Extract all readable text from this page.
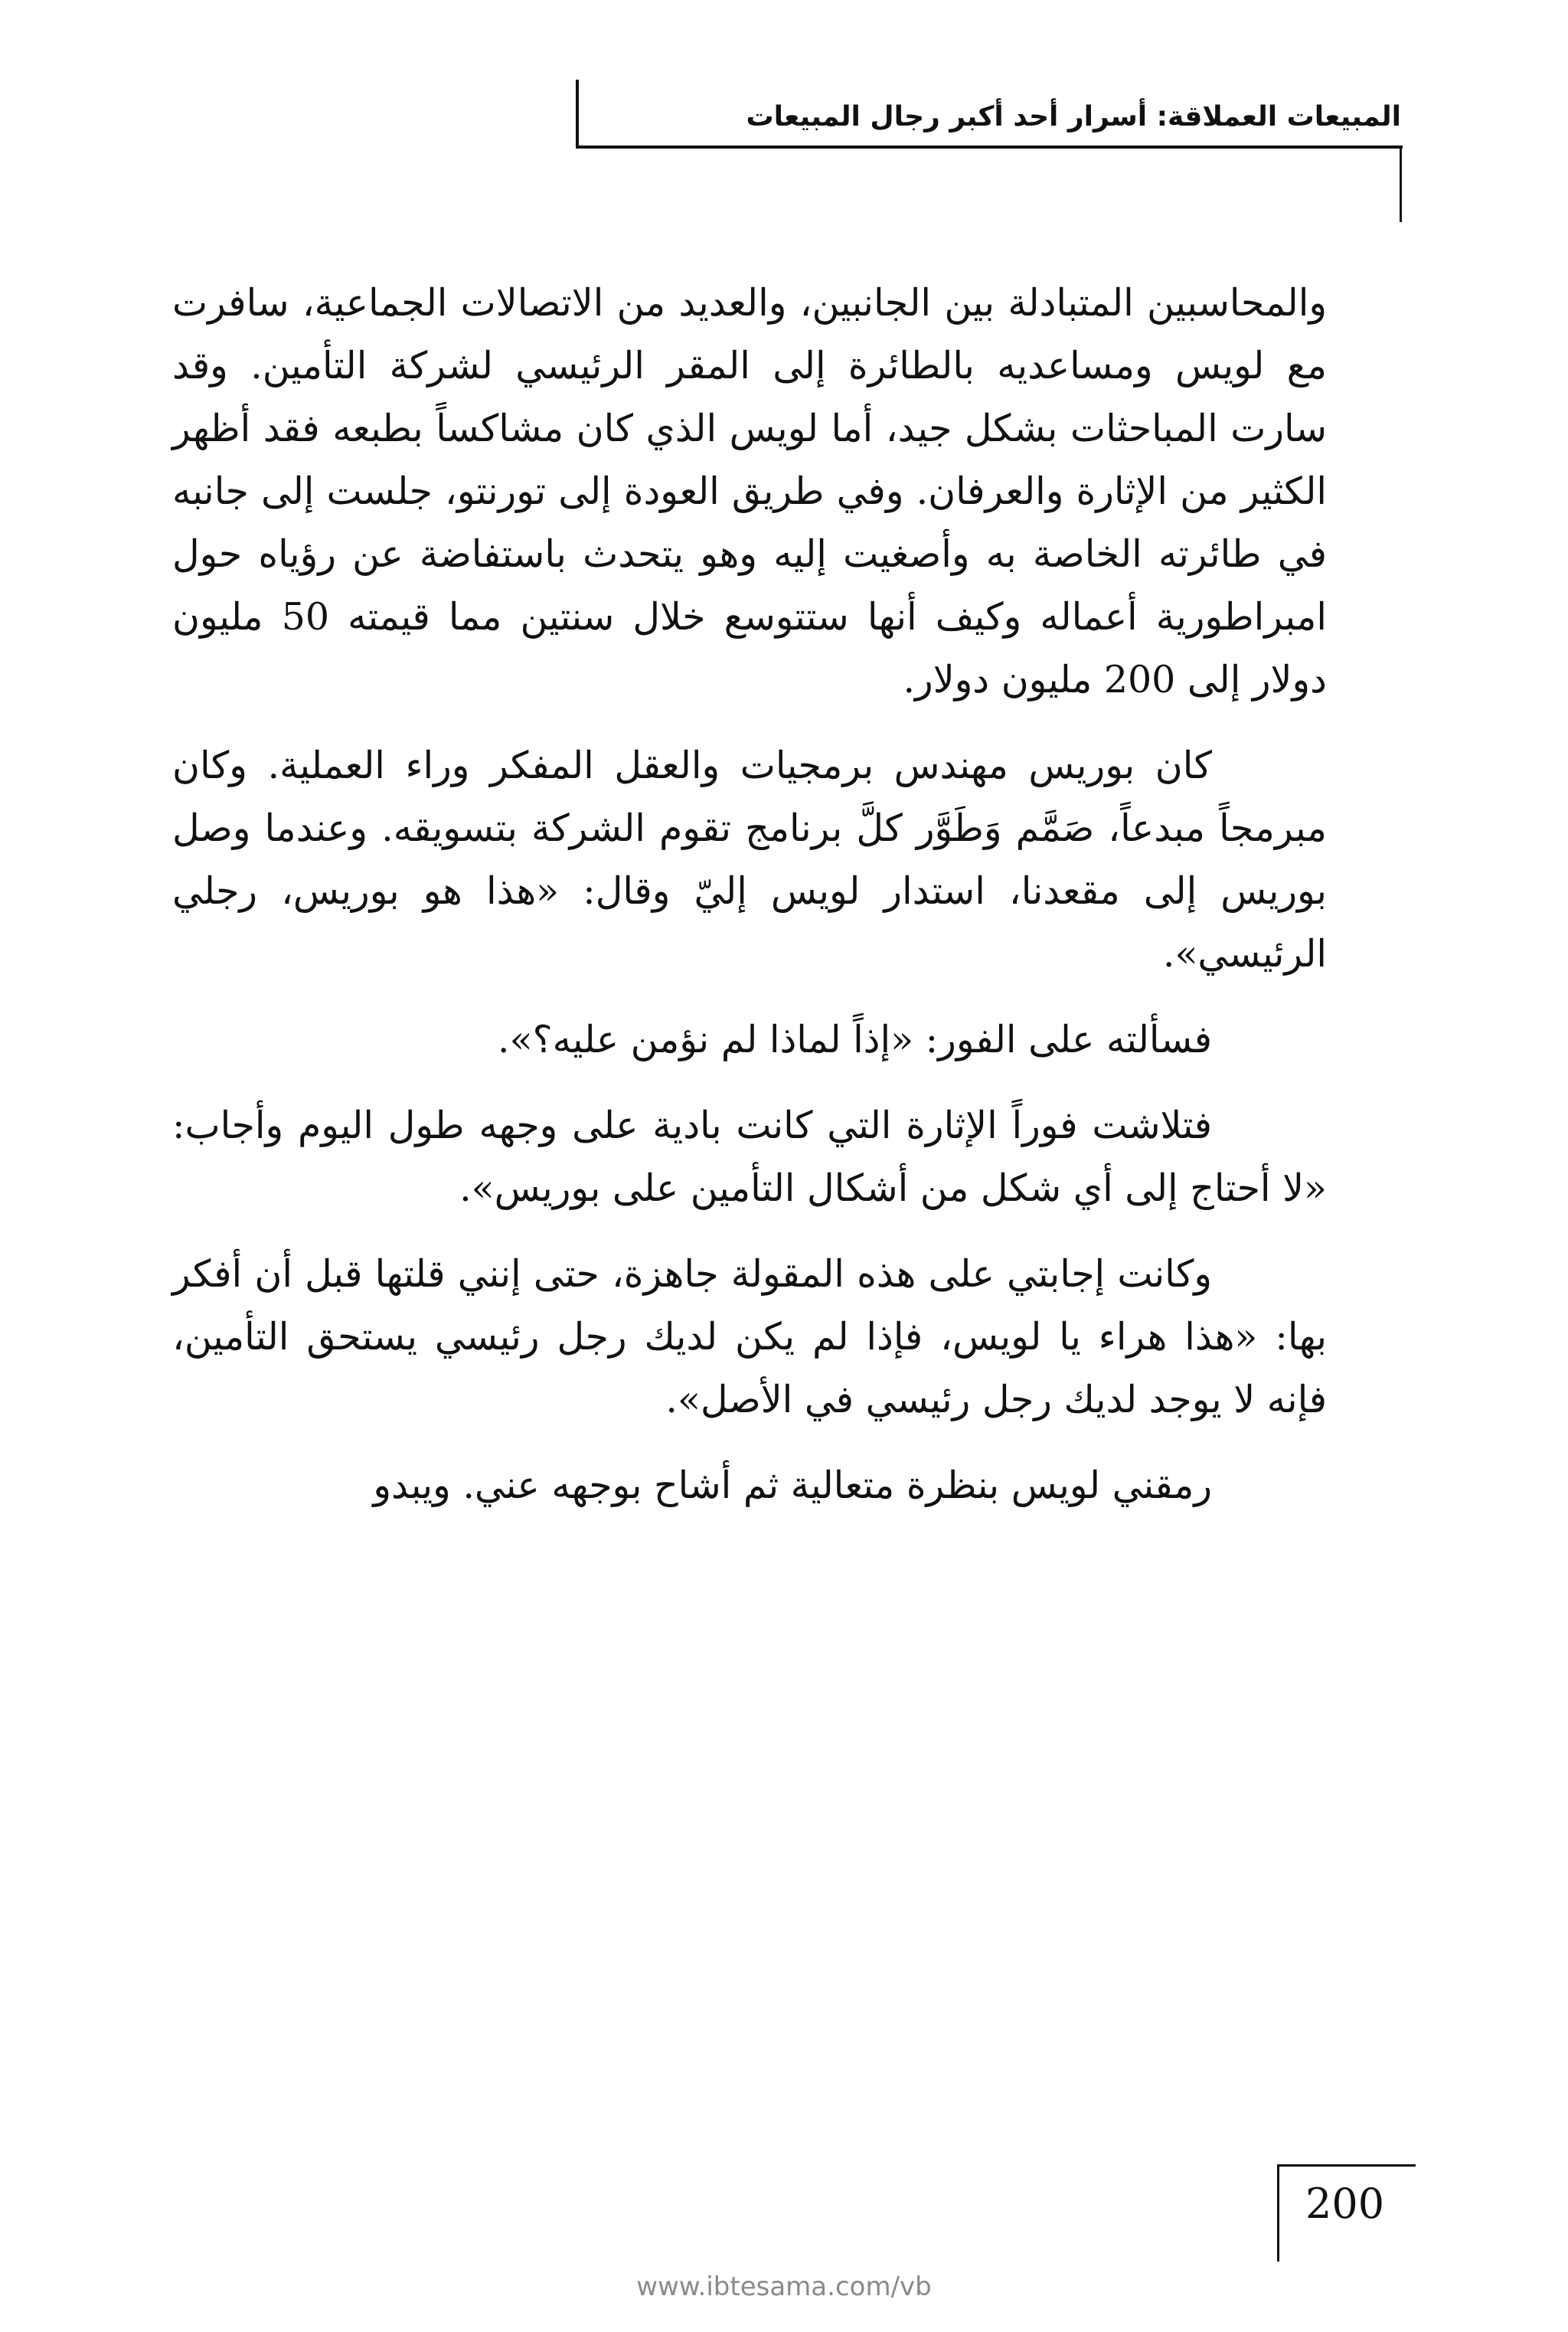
المبيعات العملاقة: أسرار أحد أكبر رجال المبيعات

والمحاسبين المتبادلة بين الجانبين، والعديد من الاتصالات الجماعية، سافرت مع لويس ومساعديه بالطائرة إلى المقر الرئيسي لشركة التأمين. وقد سارت المباحثات بشكل جيد، أما لويس الذي كان مشاكساً بطبعه فقد أظهر الكثير من الإثارة والعرفان. وفي طريق العودة إلى تورنتو، جلست إلى جانبه في طائرته الخاصة به وأصغيت إليه وهو يتحدث باستفاضة عن رؤياه حول امبراطورية أعماله وكيف أنها ستتوسع خلال سنتين مما قيمته 50 مليون دولار إلى 200 مليون دولار.

كان بوريس مهندس برمجيات والعقل المفكر وراء العملية. وكان مبرمجاً مبدعاً، صَمَّم وَطَوَّر كلَّ برنامج تقوم الشركة بتسويقه. وعندما وصل بوريس إلى مقعدنا، استدار لويس إليّ وقال: «هذا هو بوريس، رجلي الرئيسي».

فسألته على الفور: «إذاً لماذا لم نؤمن عليه؟».

فتلاشت فوراً الإثارة التي كانت بادية على وجهه طول اليوم وأجاب: «لا أحتاج إلى أي شكل من أشكال التأمين على بوريس».

وكانت إجابتي على هذه المقولة جاهزة، حتى إنني قلتها قبل أن أفكر بها: «هذا هراء يا لويس، فإذا لم يكن لديك رجل رئيسي يستحق التأمين، فإنه لا يوجد لديك رجل رئيسي في الأصل».

رمقني لويس بنظرة متعالية ثم أشاح بوجهه عني. ويبدو

200
www.ibtesama.com/vb
